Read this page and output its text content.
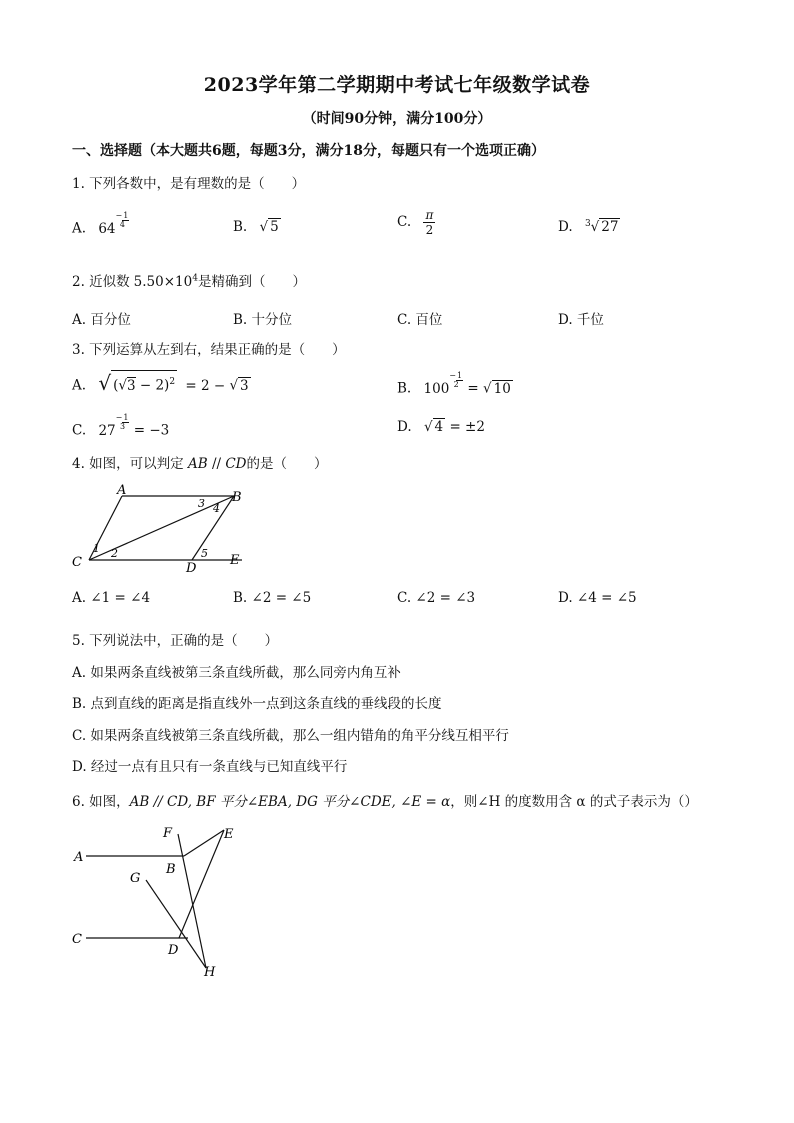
2023学年第二学期期中考试七年级数学试卷
（时间90分钟，满分100分）
一、选择题（本大题共6题，每题3分，满分18分，每题只有一个选项正确）
1. 下列各数中，是有理数的是（　　）
A. 64−1
4	B. √ 5	C. $\frac{\pi}{2}$	D. $^3$√ 27
2. 近似数 $5.50\times 10^4$是精确到（　　）
A. 百分位	B. 十分位	C. 百位	D. 千位
3. 下列运算从左到右，结果正确的是（　　）
A. √ $(√3 - 2)^2 = 2$ − √ 3	B. 100−1
2 = √ 10
C. 27−1
3 = −3	D. √ 4 = ±2
4. 如图，可以判定 AB // CD的是（　　）
A	B
C	D
E
1 2
3 4
5
A. ∠1 = ∠4	B. ∠2 = ∠5	C. ∠2 = ∠3	D. ∠4 = ∠5
5. 下列说法中，正确的是（　　）
A. 如果两条直线被第三条直线所截，那么同旁内角互补
B. 点到直线的距离是指直线外一点到这条直线的垂线段的长度
C. 如果两条直线被第三条直线所截，那么一组内错角的角平分线互相平行
D. 经过一点有且只有一条直线与已知直线平行
6. 如图，AB // CD, BF 平分∠EBA, DG 平分∠CDE, ∠E = α，则∠H 的度数用含 α 的式子表示为（）
A
B
C
D
E
F
G
H
